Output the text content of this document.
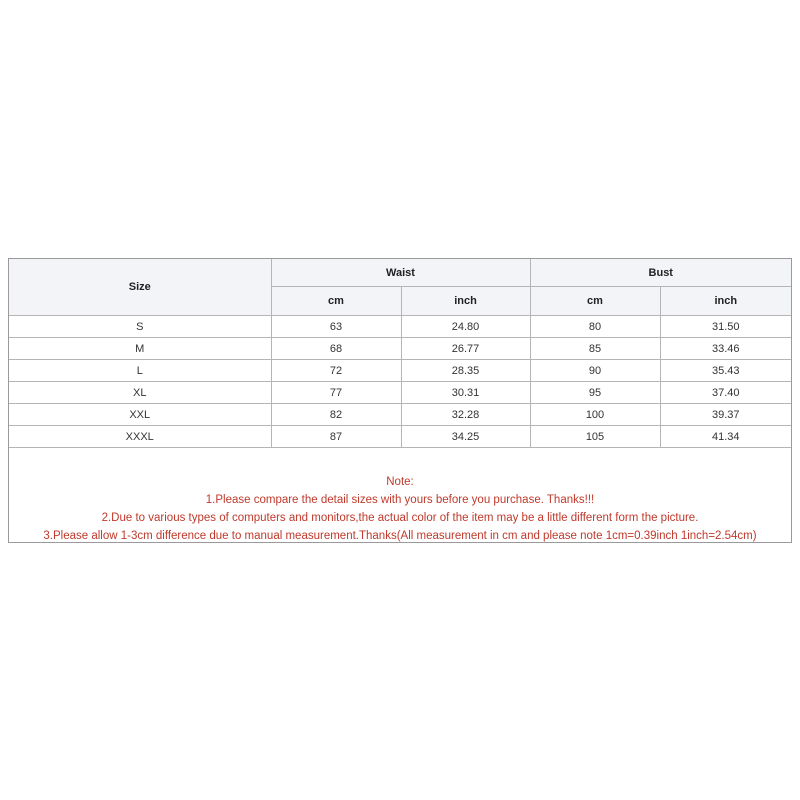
Size	Waist		Bust	
	cm	inch	cm	inch
S	63	24.80	80	31.50
M	68	26.77	85	33.46
L	72	28.35	90	35.43
XL	77	30.31	95	37.40
XXL	82	32.28	100	39.37
XXXL	87	34.25	105	41.34
Note:
1.Please compare the detail sizes with yours before you purchase. Thanks!!!
2.Due to various types of computers and monitors,the actual color of the item may be a little different form the picture.
3.Please allow 1-3cm difference due to manual measurement.Thanks(All measurement in cm and please note 1cm=0.39inch 1inch=2.54cm)
